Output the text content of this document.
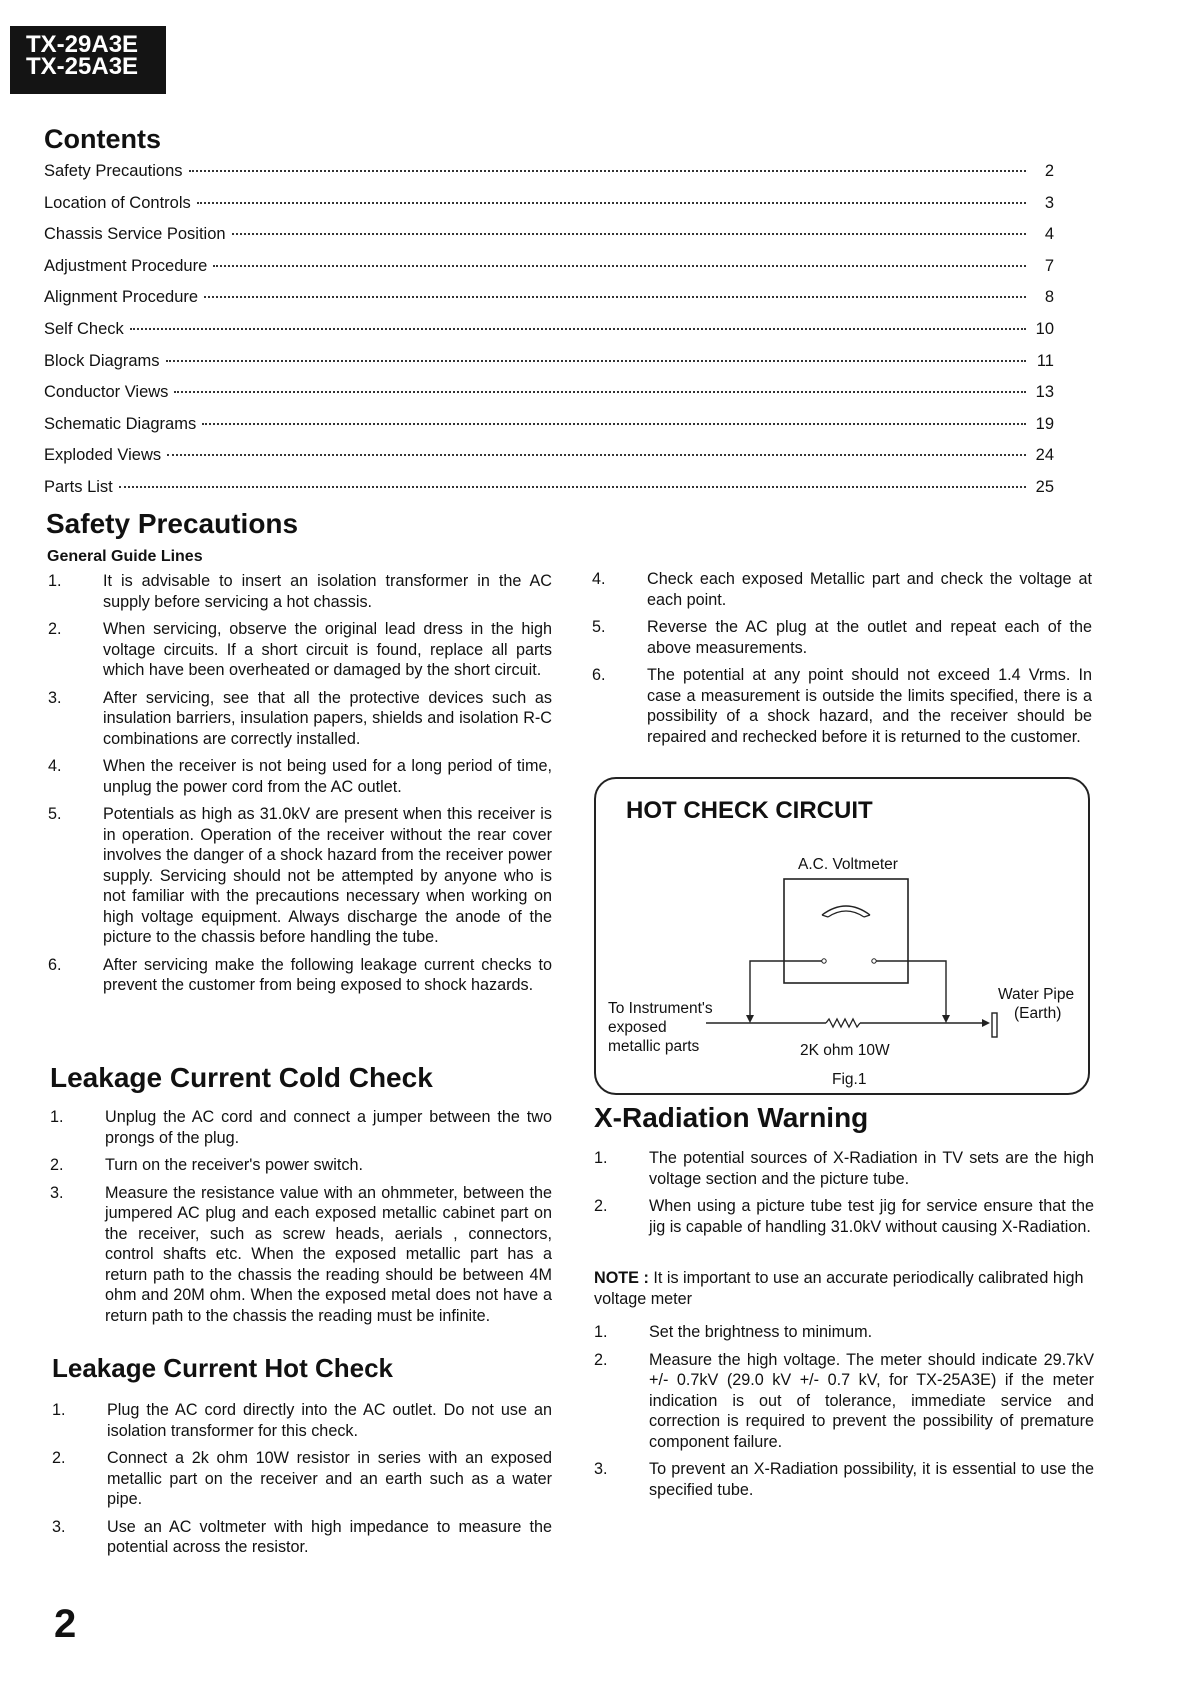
TX-29A3E
TX-25A3E
Contents
Safety Precautions	2
Location of Controls	3
Chassis Service Position	4
Adjustment Procedure	7
Alignment Procedure	8
Self Check	10
Block Diagrams	11
Conductor Views	13
Schematic Diagrams	19
Exploded Views	24
Parts List	25
Safety Precautions
General Guide Lines
1.	It is advisable to insert an isolation transformer in the AC supply before servicing a hot chassis.
2.	When servicing, observe the original lead dress in the high voltage circuits. If a short circuit is found, replace all parts which have been overheated or damaged by the short circuit.
3.	After servicing, see that all the protective devices such as insulation barriers, insulation papers, shields and isolation R-C combinations are correctly installed.
4.	When the receiver is not being used for a long period of time, unplug the power cord from the AC outlet.
5.	Potentials as high as 31.0kV are present when this receiver is in operation. Operation of the receiver without the rear cover involves the danger of a shock hazard from the receiver power supply. Servicing should not be attempted by anyone who is not familiar with the precautions necessary when working on high voltage equipment. Always discharge the anode of the picture to the chassis before handling the tube.
6.	After servicing make the following leakage current checks to prevent the customer from being exposed to shock hazards.
Leakage Current Cold Check
1.	Unplug the AC cord and connect a jumper between the two prongs of the plug.
2.	Turn on the receiver's power switch.
3.	Measure the resistance value with an ohmmeter, between the jumpered AC plug and each exposed metallic cabinet part on the receiver, such as screw heads, aerials , connectors, control shafts etc. When the exposed metallic part has a return path to the chassis the reading should be between 4M ohm and 20M ohm. When the exposed metal does not have a return path to the chassis the reading must be infinite.
Leakage Current Hot Check
1.	Plug the AC cord directly into the AC outlet. Do not use an isolation transformer for this check.
2.	Connect a 2k ohm 10W resistor in series with an exposed metallic part on the receiver and an earth such as a water pipe.
3.	Use an AC voltmeter with high impedance to measure the potential across the resistor.
4.	Check each exposed Metallic part and check the voltage at each point.
5.	Reverse the AC plug at the outlet and repeat each of the above measurements.
6.	The potential at any point should not exceed 1.4 Vrms. In case a measurement is outside the limits specified, there is a possibility of a shock hazard, and the receiver should be repaired and rechecked before it is returned to the customer.
HOT CHECK CIRCUIT
A.C. Voltmeter
To Instrument's
exposed
metallic parts	2K ohm 10W
Water Pipe
(Earth)
Fig.1
X-Radiation Warning
1.	The potential sources of X-Radiation in TV sets are the high voltage section and the picture tube.
2.	When using a picture tube test jig for service ensure that the jig is capable of handling 31.0kV without causing X-Radiation.
NOTE : It is important to use an accurate periodically calibrated high voltage meter
1.	Set the brightness to minimum.
2.	Measure the high voltage. The meter should indicate 29.7kV +/- 0.7kV (29.0 kV +/- 0.7 kV, for TX-25A3E) if the meter indication is out of tolerance, immediate service and correction is required to prevent the possibility of premature component failure.
3.	To prevent an X-Radiation possibility, it is essential to use the specified tube.
2
